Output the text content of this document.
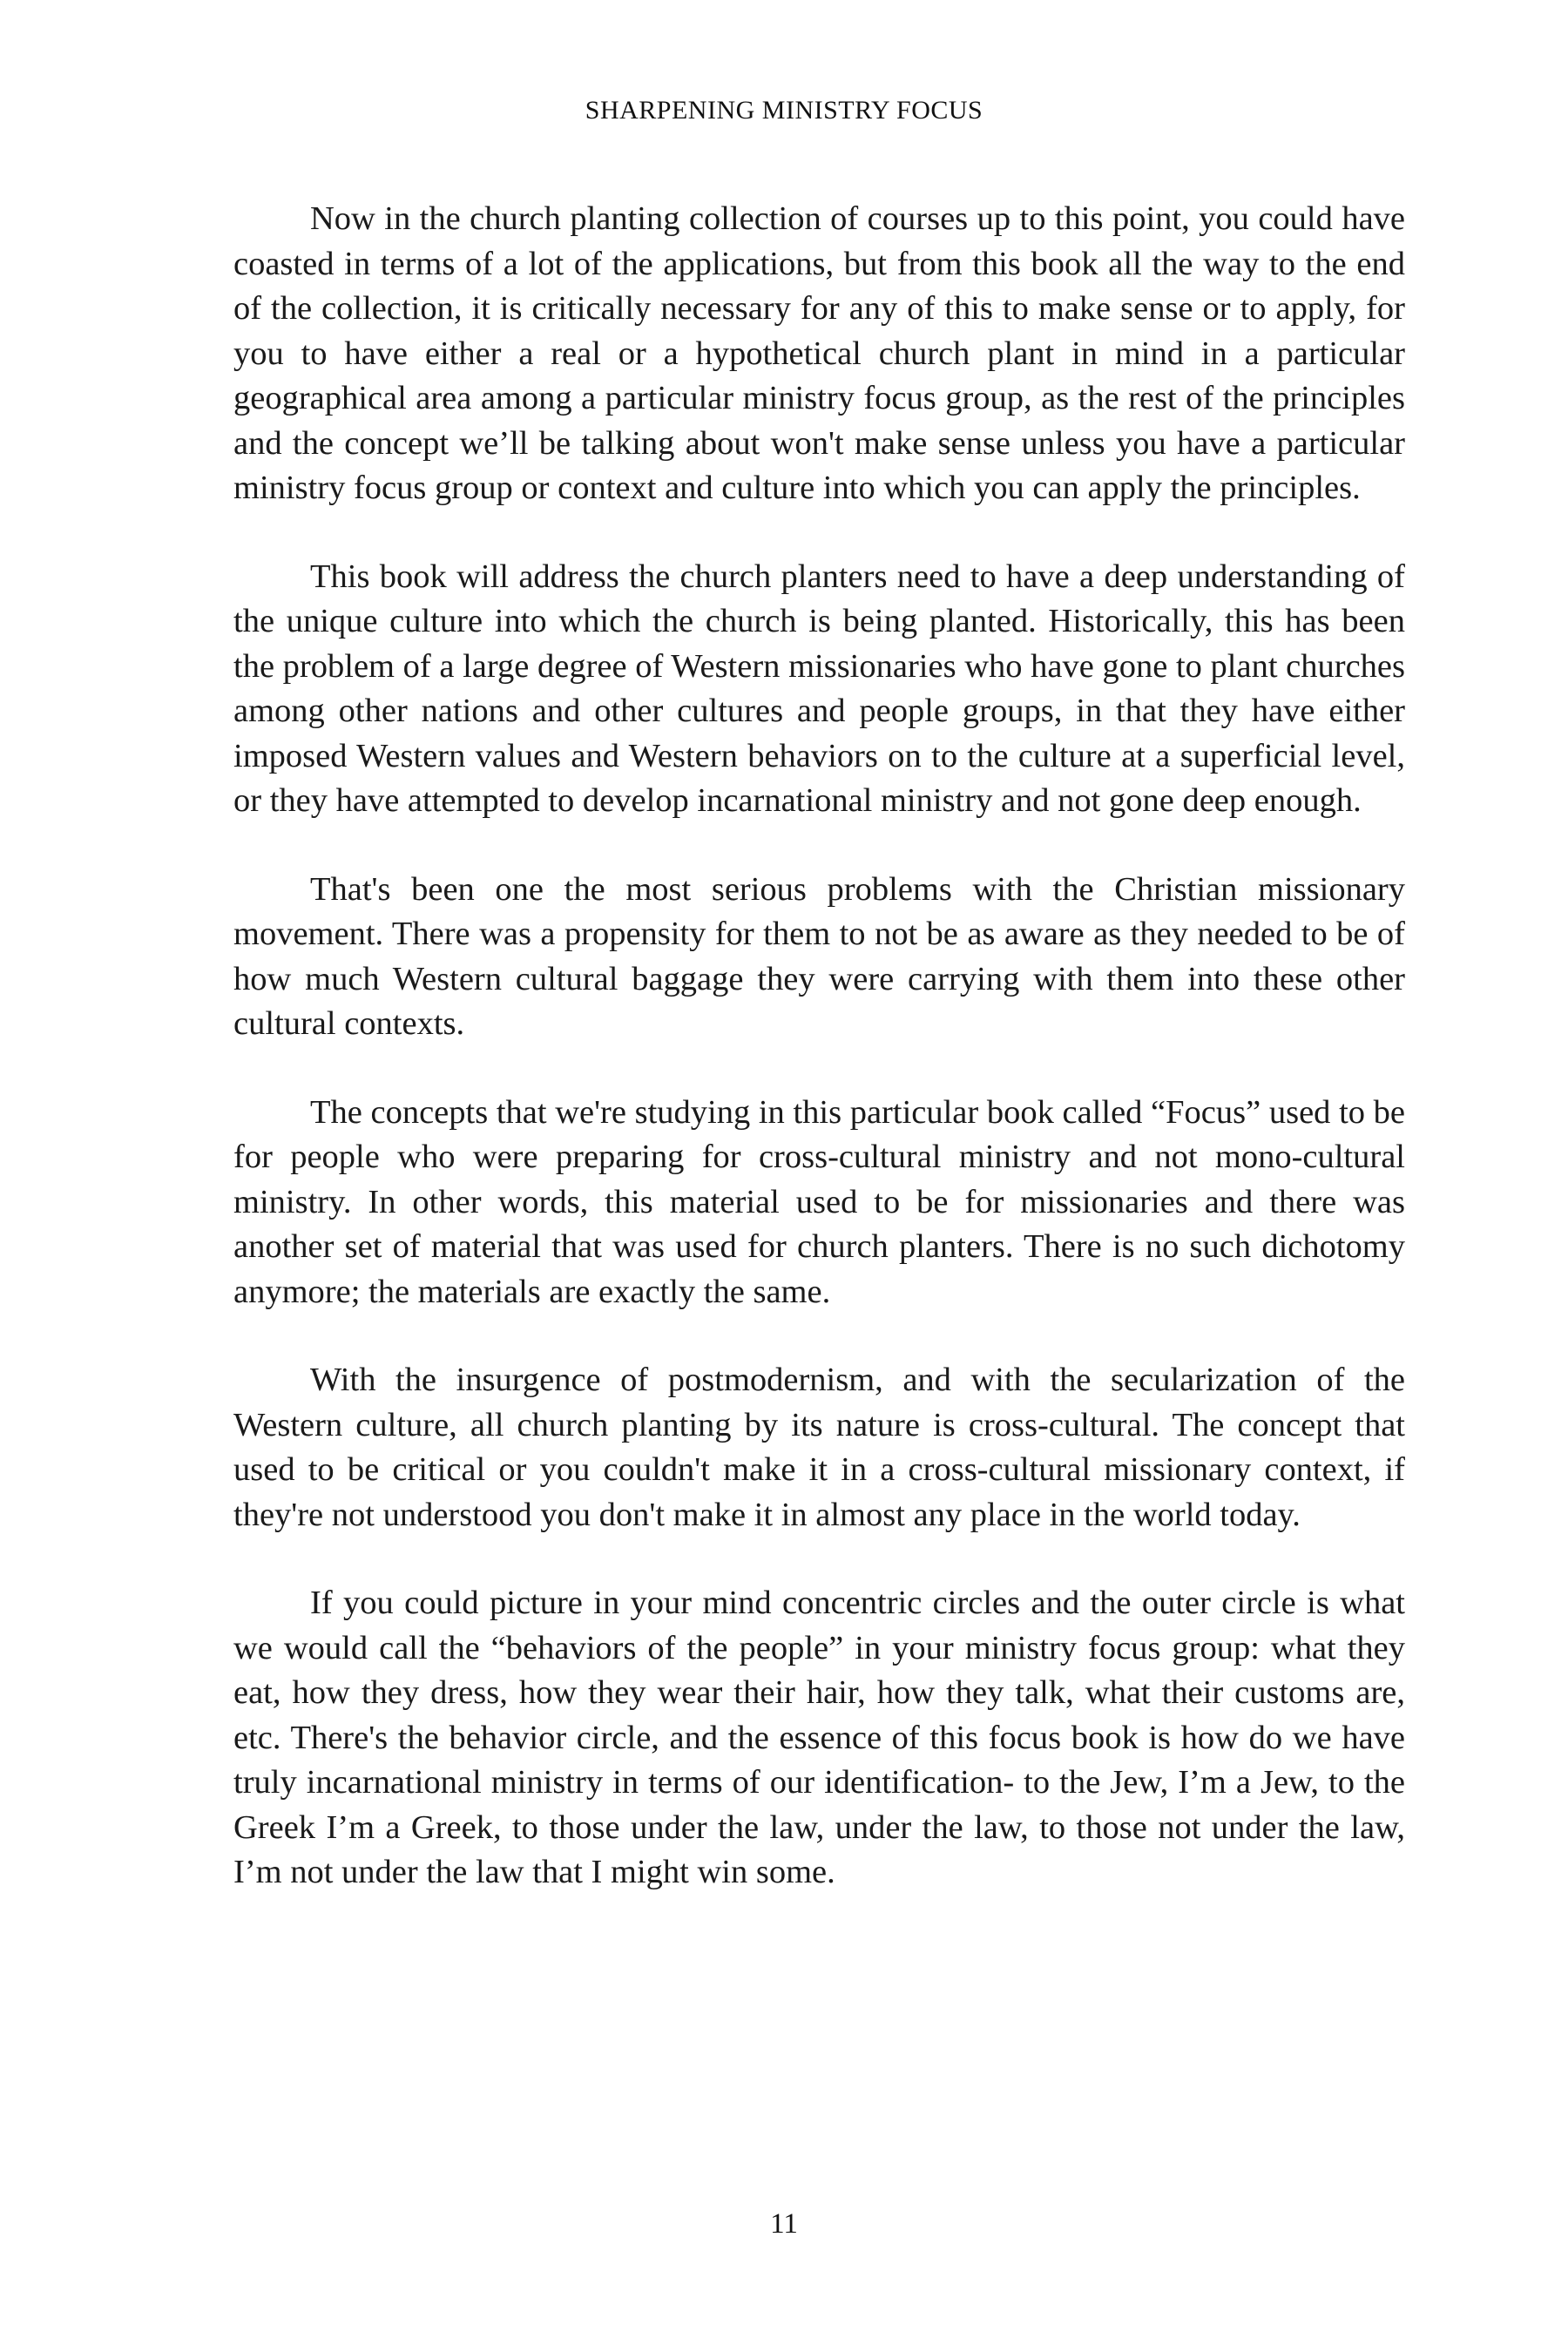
SHARPENING MINISTRY FOCUS

Now in the church planting collection of courses up to this point, you could have coasted in terms of a lot of the applications, but from this book all the way to the end of the collection, it is critically necessary for any of this to make sense or to apply, for you to have either a real or a hypothetical church plant in mind in a particular geographical area among a particular ministry focus group, as the rest of the principles and the concept we’ll be talking about won't make sense unless you have a particular ministry focus group or context and culture into which you can apply the principles.

This book will address the church planters need to have a deep understanding of the unique culture into which the church is being planted. Historically, this has been the problem of a large degree of Western missionaries who have gone to plant churches among other nations and other cultures and people groups, in that they have either imposed Western values and Western behaviors on to the culture at a superficial level, or they have attempted to develop incarnational ministry and not gone deep enough.

That's been one the most serious problems with the Christian missionary movement. There was a propensity for them to not be as aware as they needed to be of how much Western cultural baggage they were carrying with them into these other cultural contexts.

The concepts that we're studying in this particular book called “Focus” used to be for people who were preparing for cross-cultural ministry and not mono-cultural ministry. In other words, this material used to be for missionaries and there was another set of material that was used for church planters. There is no such dichotomy anymore; the materials are exactly the same.

With the insurgence of postmodernism, and with the secularization of the Western culture, all church planting by its nature is cross-cultural. The concept that used to be critical or you couldn't make it in a cross-cultural missionary context, if they're not understood you don't make it in almost any place in the world today.

If you could picture in your mind concentric circles and the outer circle is what we would call the “behaviors of the people” in your ministry focus group: what they eat, how they dress, how they wear their hair, how they talk, what their customs are, etc. There's the behavior circle, and the essence of this focus book is how do we have truly incarnational ministry in terms of our identification- to the Jew, I’m a Jew, to the Greek I’m a Greek, to those under the law, under the law, to those not under the law, I’m not under the law that I might win some.

11
